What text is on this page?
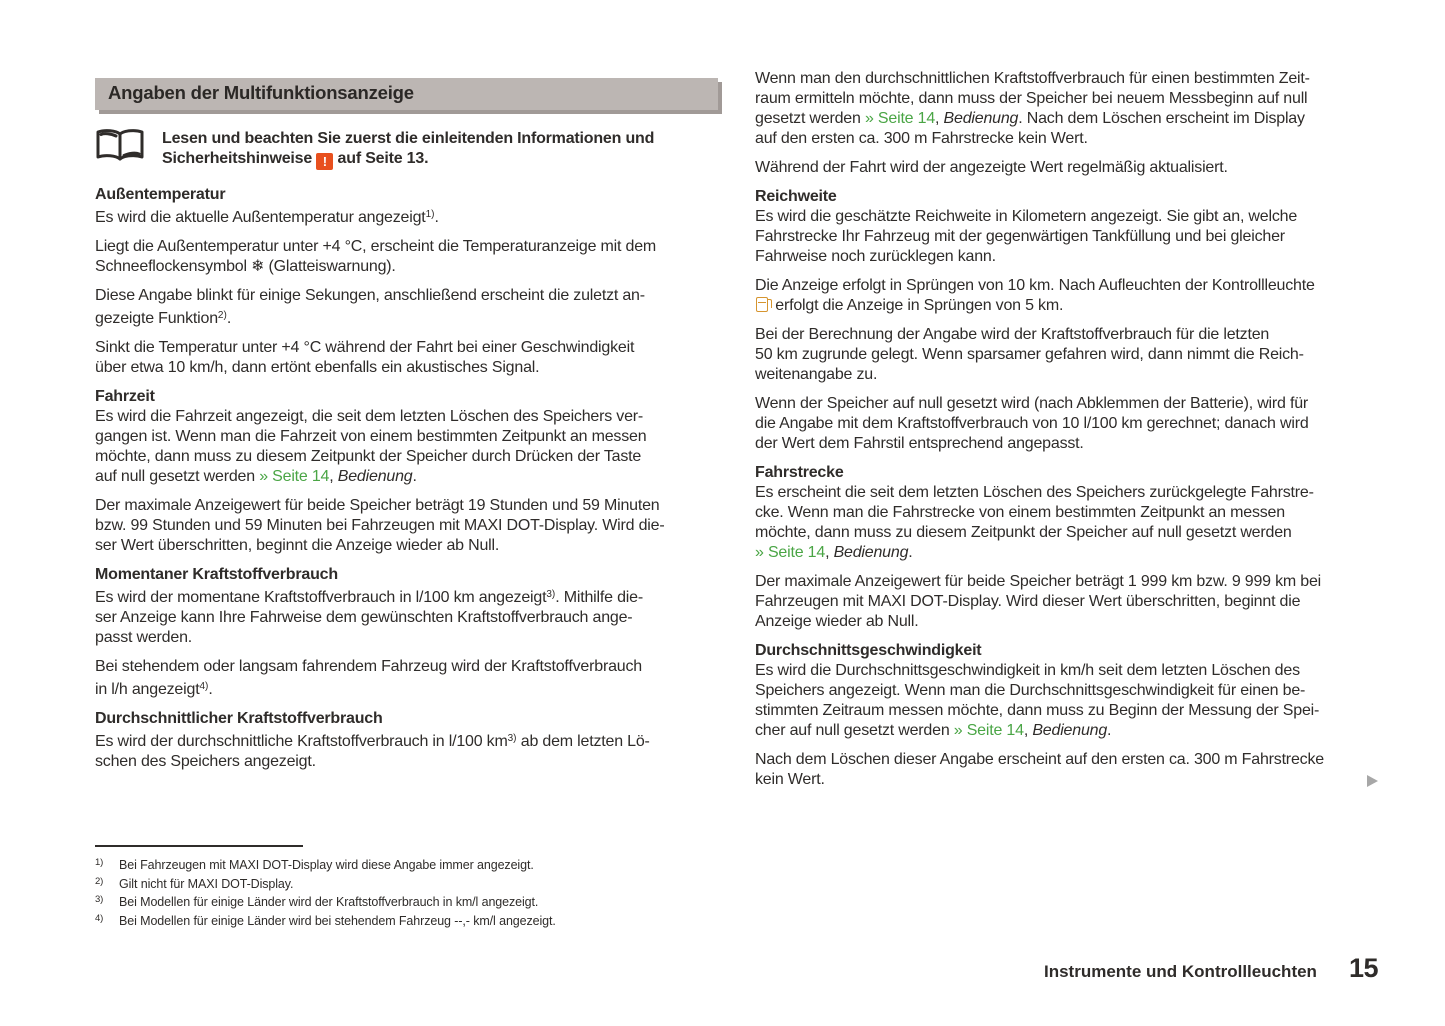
Angaben der Multifunktionsanzeige
Lesen und beachten Sie zuerst die einleitenden Informationen und
Sicherheitshinweise ! auf Seite 13.
Außentemperatur
Es wird die aktuelle Außentemperatur angezeigt$^{1)}$.
Liegt die Außentemperatur unter +4 °C, erscheint die Temperaturanzeige mit dem
Schneeflockensymbol ❄ (Glatteiswarnung).
Diese Angabe blinkt für einige Sekungen, anschließend erscheint die zuletzt an-
gezeigte Funktion$^{2)}$.
Sinkt die Temperatur unter +4 °C während der Fahrt bei einer Geschwindigkeit
über etwa 10 km/h, dann ertönt ebenfalls ein akustisches Signal.
Fahrzeit
Es wird die Fahrzeit angezeigt, die seit dem letzten Löschen des Speichers ver-
gangen ist. Wenn man die Fahrzeit von einem bestimmten Zeitpunkt an messen
möchte, dann muss zu diesem Zeitpunkt der Speicher durch Drücken der Taste
auf null gesetzt werden » Seite 14, Bedienung.
Der maximale Anzeigewert für beide Speicher beträgt 19 Stunden und 59 Minuten
bzw. 99 Stunden und 59 Minuten bei Fahrzeugen mit MAXI DOT-Display. Wird die-
ser Wert überschritten, beginnt die Anzeige wieder ab Null.
Momentaner Kraftstoffverbrauch
Es wird der momentane Kraftstoffverbrauch in l/100 km angezeigt$^{3)}$. Mithilfe die-
ser Anzeige kann Ihre Fahrweise dem gewünschten Kraftstoffverbrauch ange-
passt werden.
Bei stehendem oder langsam fahrendem Fahrzeug wird der Kraftstoffverbrauch
in l/h angezeigt$^{4)}$.
Durchschnittlicher Kraftstoffverbrauch
Es wird der durchschnittliche Kraftstoffverbrauch in l/100 $km^{3)}$ ab dem letzten Lö-
schen des Speichers angezeigt.
Wenn man den durchschnittlichen Kraftstoffverbrauch für einen bestimmten Zeit-
raum ermitteln möchte, dann muss der Speicher bei neuem Messbeginn auf null
gesetzt werden » Seite 14, Bedienung. Nach dem Löschen erscheint im Display
auf den ersten ca. 300 m Fahrstrecke kein Wert.
Während der Fahrt wird der angezeigte Wert regelmäßig aktualisiert.
Reichweite
Es wird die geschätzte Reichweite in Kilometern angezeigt. Sie gibt an, welche
Fahrstrecke Ihr Fahrzeug mit der gegenwärtigen Tankfüllung und bei gleicher
Fahrweise noch zurücklegen kann.
Die Anzeige erfolgt in Sprüngen von 10 km. Nach Aufleuchten der Kontrollleuchte
erfolgt die Anzeige in Sprüngen von 5 km.
Bei der Berechnung der Angabe wird der Kraftstoffverbrauch für die letzten
50 km zugrunde gelegt. Wenn sparsamer gefahren wird, dann nimmt die Reich-
weitenangabe zu.
Wenn der Speicher auf null gesetzt wird (nach Abklemmen der Batterie), wird für
die Angabe mit dem Kraftstoffverbrauch von 10 l/100 km gerechnet; danach wird
der Wert dem Fahrstil entsprechend angepasst.
Fahrstrecke
Es erscheint die seit dem letzten Löschen des Speichers zurückgelegte Fahrstre-
cke. Wenn man die Fahrstrecke von einem bestimmten Zeitpunkt an messen
möchte, dann muss zu diesem Zeitpunkt der Speicher auf null gesetzt werden
» Seite 14, Bedienung.
Der maximale Anzeigewert für beide Speicher beträgt 1 999 km bzw. 9 999 km bei
Fahrzeugen mit MAXI DOT-Display. Wird dieser Wert überschritten, beginnt die
Anzeige wieder ab Null.
Durchschnittsgeschwindigkeit
Es wird die Durchschnittsgeschwindigkeit in km/h seit dem letzten Löschen des
Speichers angezeigt. Wenn man die Durchschnittsgeschwindigkeit für einen be-
stimmten Zeitraum messen möchte, dann muss zu Beginn der Messung der Spei-
cher auf null gesetzt werden » Seite 14, Bedienung.
Nach dem Löschen dieser Angabe erscheint auf den ersten ca. 300 m Fahrstrecke
kein Wert.
1)	Bei Fahrzeugen mit MAXI DOT-Display wird diese Angabe immer angezeigt.
2)	Gilt nicht für MAXI DOT-Display.
3)	Bei Modellen für einige Länder wird der Kraftstoffverbrauch in km/l angezeigt.
4)	Bei Modellen für einige Länder wird bei stehendem Fahrzeug --,- km/l angezeigt.
Instrumente und Kontrollleuchten 15
